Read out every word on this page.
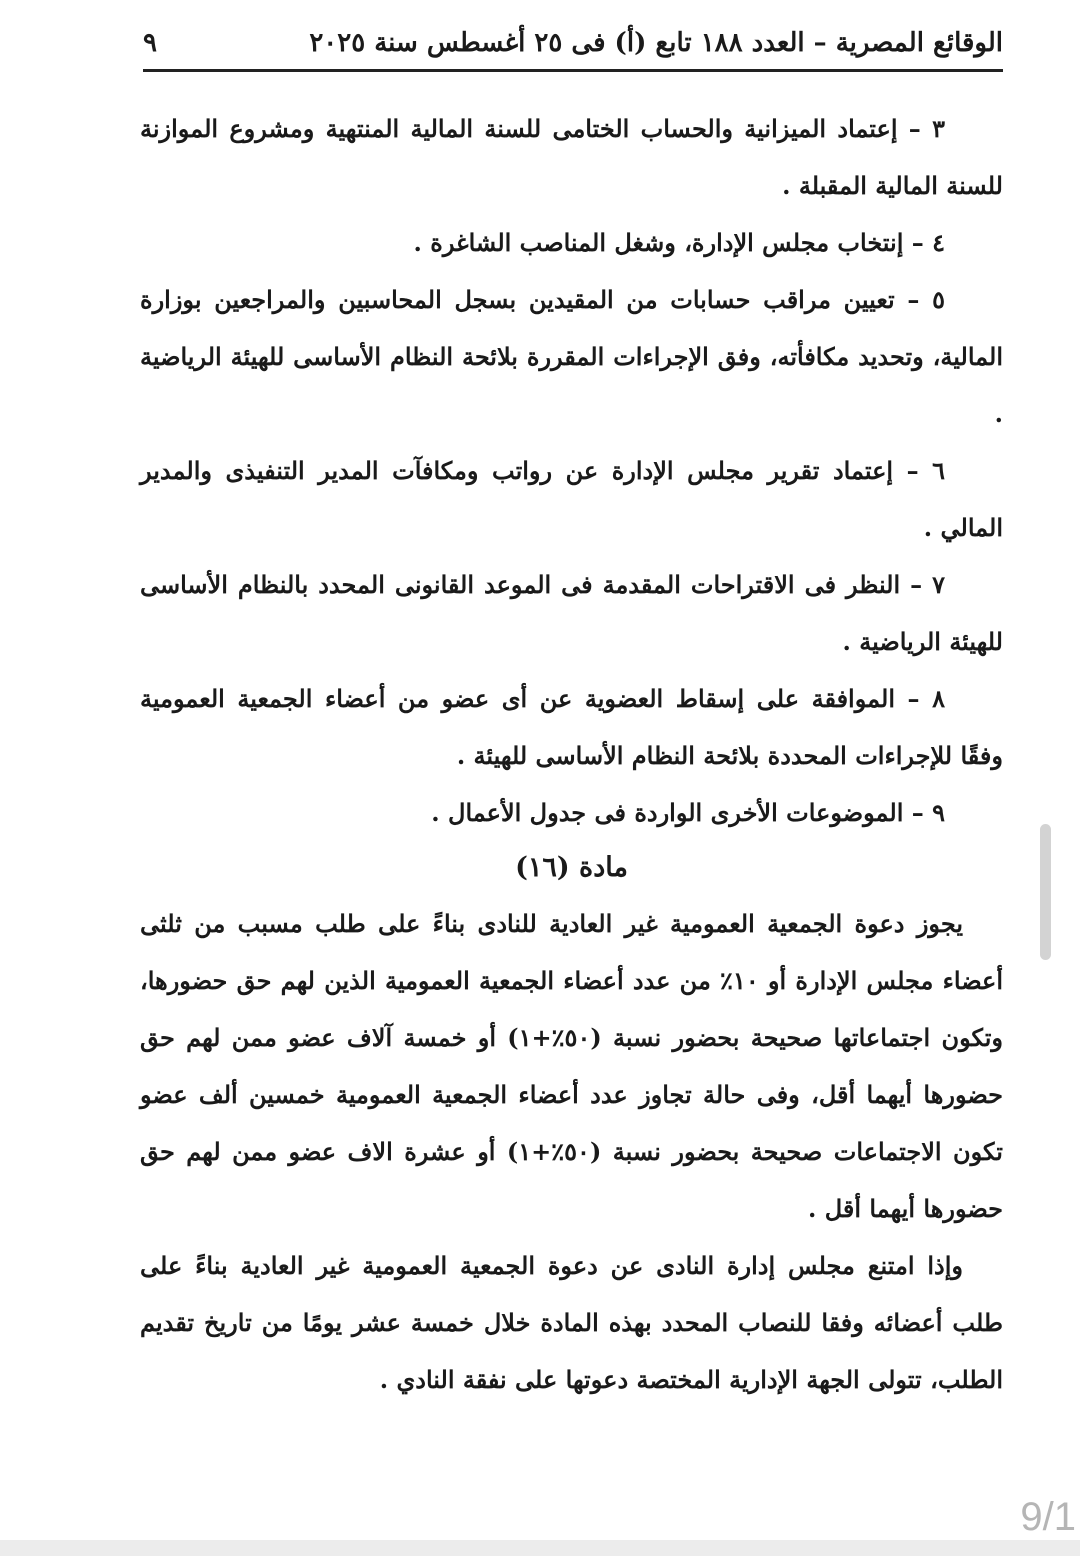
الوقائع المصرية – العدد ١٨٨ تابع (أ) فى ٢٥ أغسطس سنة ٢٠٢٥
٩

٣ – إعتماد الميزانية والحساب الختامى للسنة المالية المنتهية ومشروع الموازنة للسنة المالية المقبلة .

٤ – إنتخاب مجلس الإدارة، وشغل المناصب الشاغرة .

٥ – تعيين مراقب حسابات من المقيدين بسجل المحاسبين والمراجعين بوزارة المالية، وتحديد مكافأته، وفق الإجراءات المقررة بلائحة النظام الأساسى للهيئة الرياضية .

٦ – إعتماد تقرير مجلس الإدارة عن رواتب ومكافآت المدير التنفيذى والمدير المالي .

٧ – النظر فى الاقتراحات المقدمة فى الموعد القانونى المحدد بالنظام الأساسى للهيئة الرياضية .

٨ – الموافقة على إسقاط العضوية عن أى عضو من أعضاء الجمعية العمومية وفقًا للإجراءات المحددة بلائحة النظام الأساسى للهيئة .

٩ – الموضوعات الأخرى الواردة فى جدول الأعمال .

مادة (١٦)

يجوز دعوة الجمعية العمومية غير العادية للنادى بناءً على طلب مسبب من ثلثى أعضاء مجلس الإدارة أو ١٠٪ من عدد أعضاء الجمعية العمومية الذين لهم حق حضورها، وتكون اجتماعاتها صحيحة بحضور نسبة (٥٠٪+١) أو خمسة آلاف عضو ممن لهم حق حضورها أيهما أقل، وفى حالة تجاوز عدد أعضاء الجمعية العمومية خمسين ألف عضو تكون الاجتماعات صحيحة بحضور نسبة (٥٠٪+١) أو عشرة الاف عضو ممن لهم حق حضورها أيهما أقل .

وإذا امتنع مجلس إدارة النادى عن دعوة الجمعية العمومية غير العادية بناءً على طلب أعضائه وفقا للنصاب المحدد بهذه المادة خلال خمسة عشر يومًا من تاريخ تقديم الطلب، تتولى الجهة الإدارية المختصة دعوتها على نفقة النادي .

9/1
